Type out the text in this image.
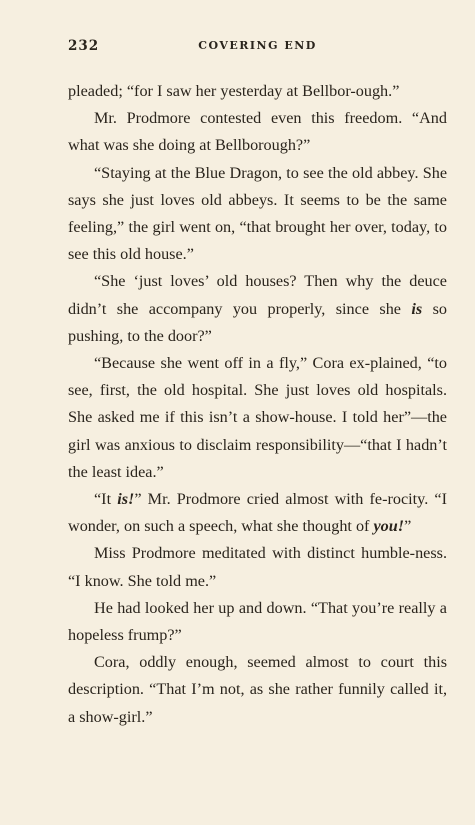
232	COVERING END

pleaded; “for I saw her yesterday at Bellbor-ough.”

Mr. Prodmore contested even this freedom. “And what was she doing at Bellborough?”

“Staying at the Blue Dragon, to see the old abbey. She says she just loves old abbeys. It seems to be the same feeling,” the girl went on, “that brought her over, today, to see this old house.”

“She ‘just loves’ old houses? Then why the deuce didn’t she accompany you properly, since she is so pushing, to the door?”

“Because she went off in a fly,” Cora ex-plained, “to see, first, the old hospital. She just loves old hospitals. She asked me if this isn’t a show-house. I told her”—the girl was anxious to disclaim responsibility—“that I hadn’t the least idea.”

“It is!” Mr. Prodmore cried almost with fe-rocity. “I wonder, on such a speech, what she thought of you!”

Miss Prodmore meditated with distinct humble-ness. “I know. She told me.”

He had looked her up and down. “That you’re really a hopeless frump?”

Cora, oddly enough, seemed almost to court this description. “That I’m not, as she rather funnily called it, a show-girl.”
